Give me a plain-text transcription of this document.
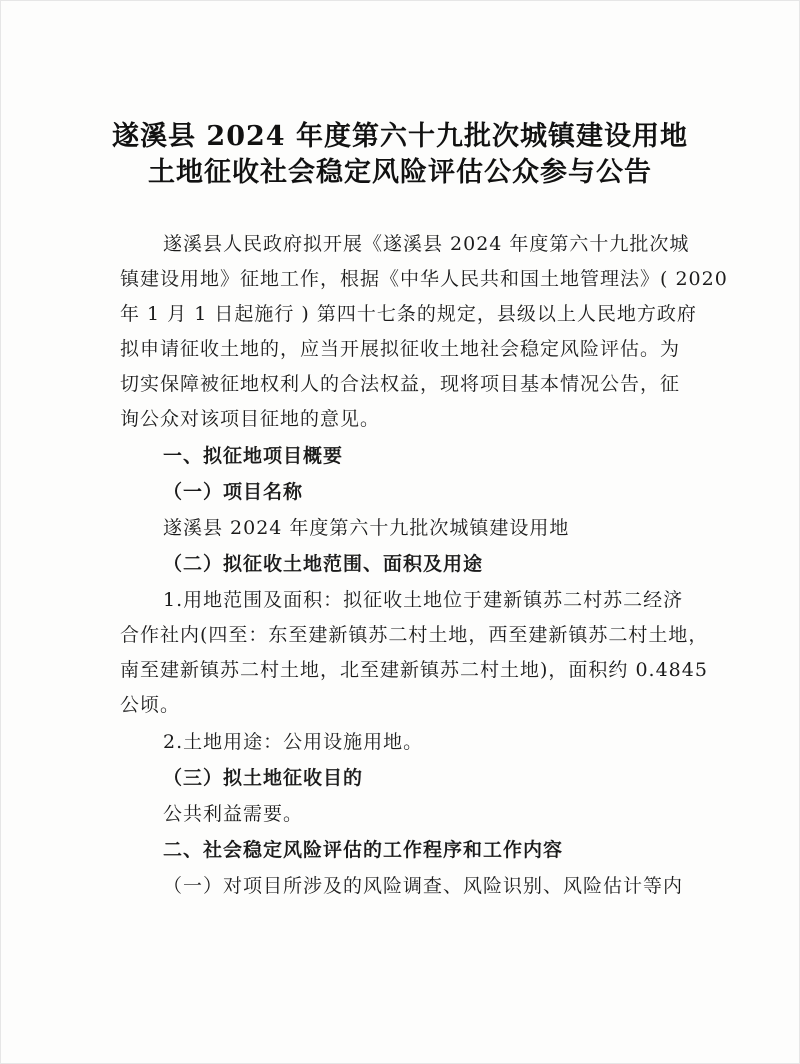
遂溪县 2024 年度第六十九批次城镇建设用地
土地征收社会稳定风险评估公众参与公告
遂溪县人民政府拟开展《遂溪县 2024 年度第六十九批次城
镇建设用地》征地工作，根据《中华人民共和国土地管理法》( 2020
年 1 月 1 日起施行 ) 第四十七条的规定，县级以上人民地方政府
拟申请征收土地的，应当开展拟征收土地社会稳定风险评估。为
切实保障被征地权利人的合法权益，现将项目基本情况公告，征
询公众对该项目征地的意见。
一、拟征地项目概要
（一）项目名称
遂溪县 2024 年度第六十九批次城镇建设用地
（二）拟征收土地范围、面积及用途
1.用地范围及面积：拟征收土地位于建新镇苏二村苏二经济
合作社内(四至：东至建新镇苏二村土地，西至建新镇苏二村土地，
南至建新镇苏二村土地，北至建新镇苏二村土地)，面积约 0.4845
公顷。
2.土地用途：公用设施用地。
（三）拟土地征收目的
公共利益需要。
二、社会稳定风险评估的工作程序和工作内容
（一）对项目所涉及的风险调查、风险识别、风险估计等内
